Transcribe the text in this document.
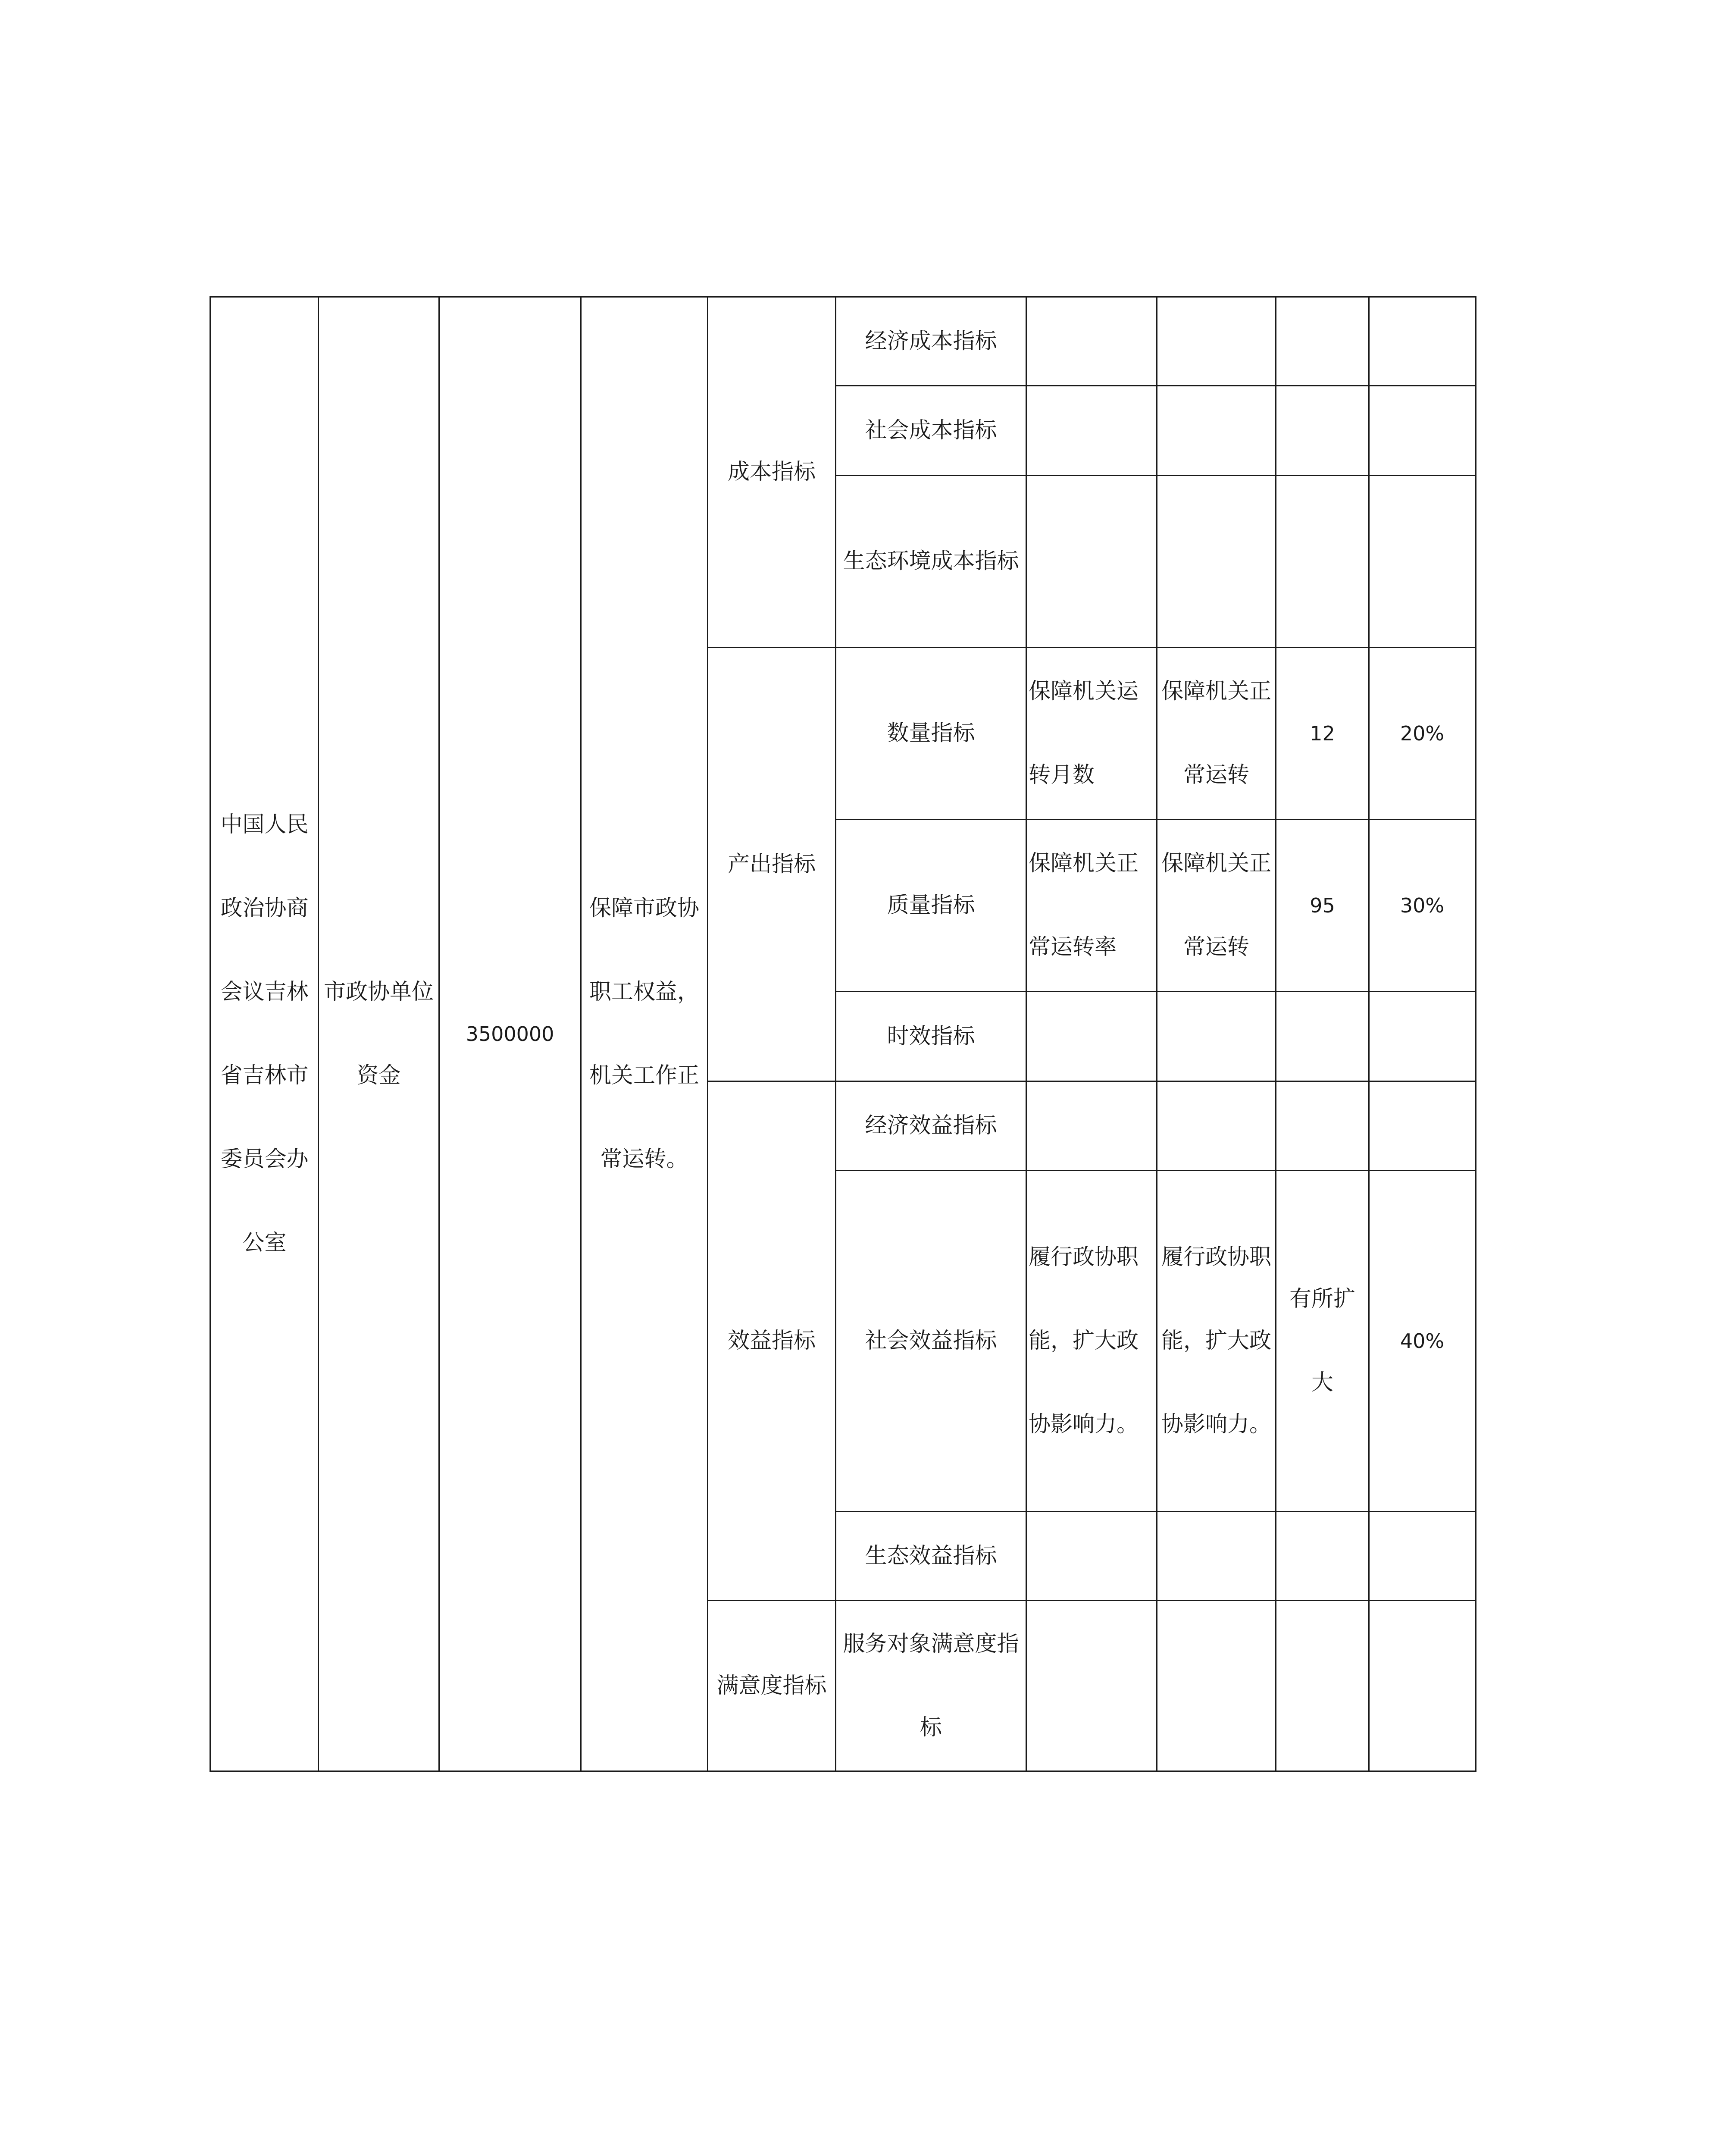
中国人民政治协商会议吉林省吉林市委员会办公室
市政协单位资金
3500000
保障市政协职工权益，机关工作正常运转。
成本指标
产出指标
效益指标
满意度指标
经济成本指标
社会成本指标
生态环境成本指标
数量指标
质量指标
时效指标
经济效益指标
社会效益指标
生态效益指标
服务对象满意度指标
保障机关运转月数
保障机关正常运转率
履行政协职能，扩大政协影响力。
保障机关正常运转
保障机关正常运转
履行政协职能，扩大政协影响力。
12
95
有所扩大
20%
30%
40%
